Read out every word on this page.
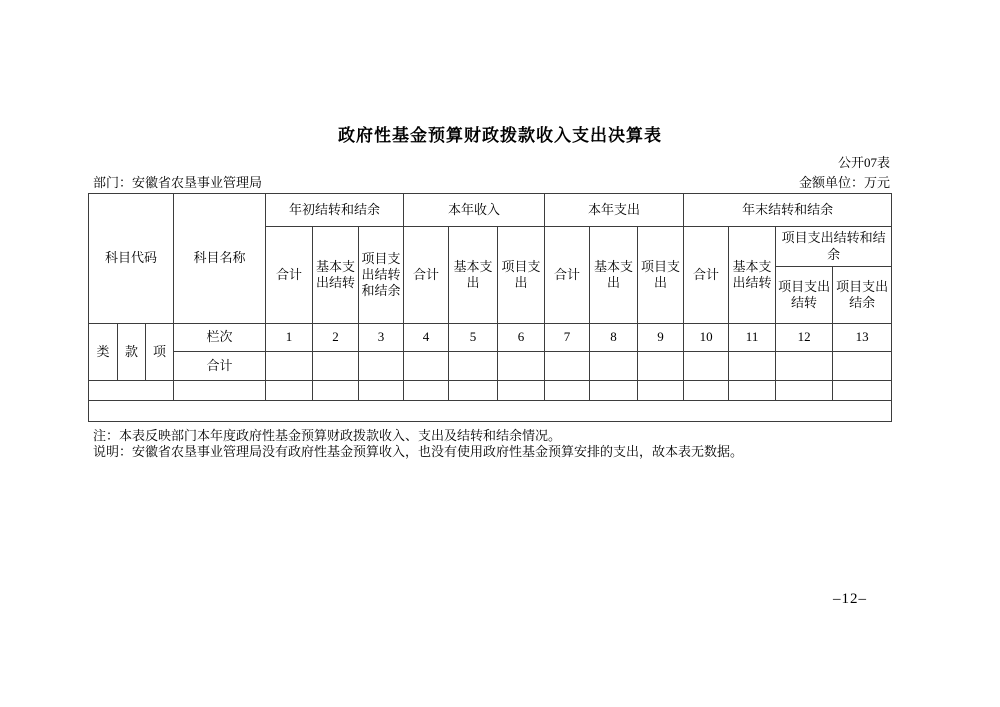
政府性基金预算财政拨款收入支出决算表
公开07表
部门：安徽省农垦事业管理局	金额单位：万元
科目代码			科目名称	年初结转和结余			本年收入			本年支出			年末结转和结余			
				合计	基本支出结转	项目支出结转和结余	合计	基本支出	项目支出	合计	基本支出	项目支出	合计	基本支出结转	项目支出结转和结余	
															项目支出结转	项目支出结余
类	款	项	栏次	1	2	3	4	5	6	7	8	9	10	11	12	13
			合计													

注：本表反映部门本年度政府性基金预算财政拨款收入、支出及结转和结余情况。
说明：安徽省农垦事业管理局没有政府性基金预算收入，也没有使用政府性基金预算安排的支出，故本表无数据。
–12–
